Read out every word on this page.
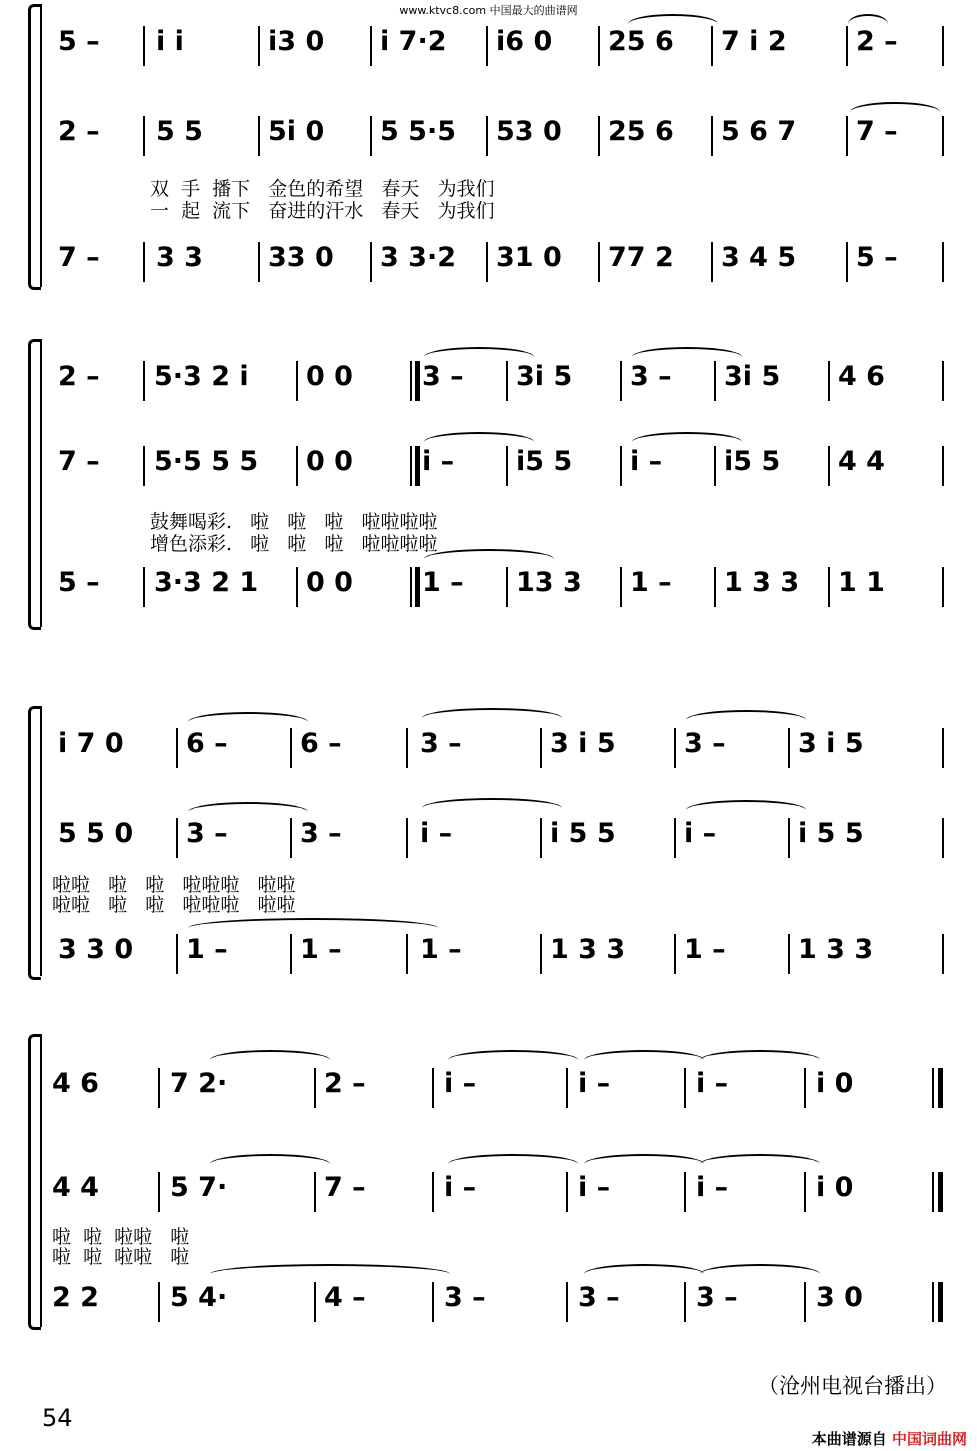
www.ktvc8.com 中国最大的曲谱网
5 – i i	i3 0 i 7·2 i6 0 25 6 7 i 2	2 –
2 – 5 5 5i 0 5 5·5 53 0 25 6 5 6 7 7 –
双  手  播下   金色的希望   春天   为我们
一  起  流下   奋进的汗水   春天   为我们
7 – 3 3 33 0 3 3·2 31 0 77 2 3 4 5 5 –
2 – 5·3 2 i 0 0	3 – 3i 5 3 – 3i 5 4 6
7 – 5·5 5 5 0 0	i – i5 5 i – i5 5 4 4
鼓舞喝彩.   啦   啦   啦   啦啦啦啦
增色添彩.   啦   啦   啦   啦啦啦啦
5 – 3·3 2 1 0 0	1 – 13 3 1 – 1 3 3 1 1
i 7 0 6 –	6 –	3 –	3 i 5	3 –	3 i 5
5 5 0 3 –	3 –	i –	i 5 5	i –	i 5 5
啦啦   啦   啦   啦啦啦   啦啦
啦啦   啦   啦   啦啦啦   啦啦
3 3 0 1 –	1 –	1 –	1 3 3 1 –	1 3 3
4 6	7 2·	2 –	i –	i –	i –	i 0
4 4	5 7·	7 –	i –	i –	i –	i 0
啦  啦  啦啦   啦
啦  啦  啦啦   啦
2 2	5 4·	4 –	3 –	3 –	3 –	3 0
（沧州电视台播出）
54
本曲谱源自 中国词曲网
